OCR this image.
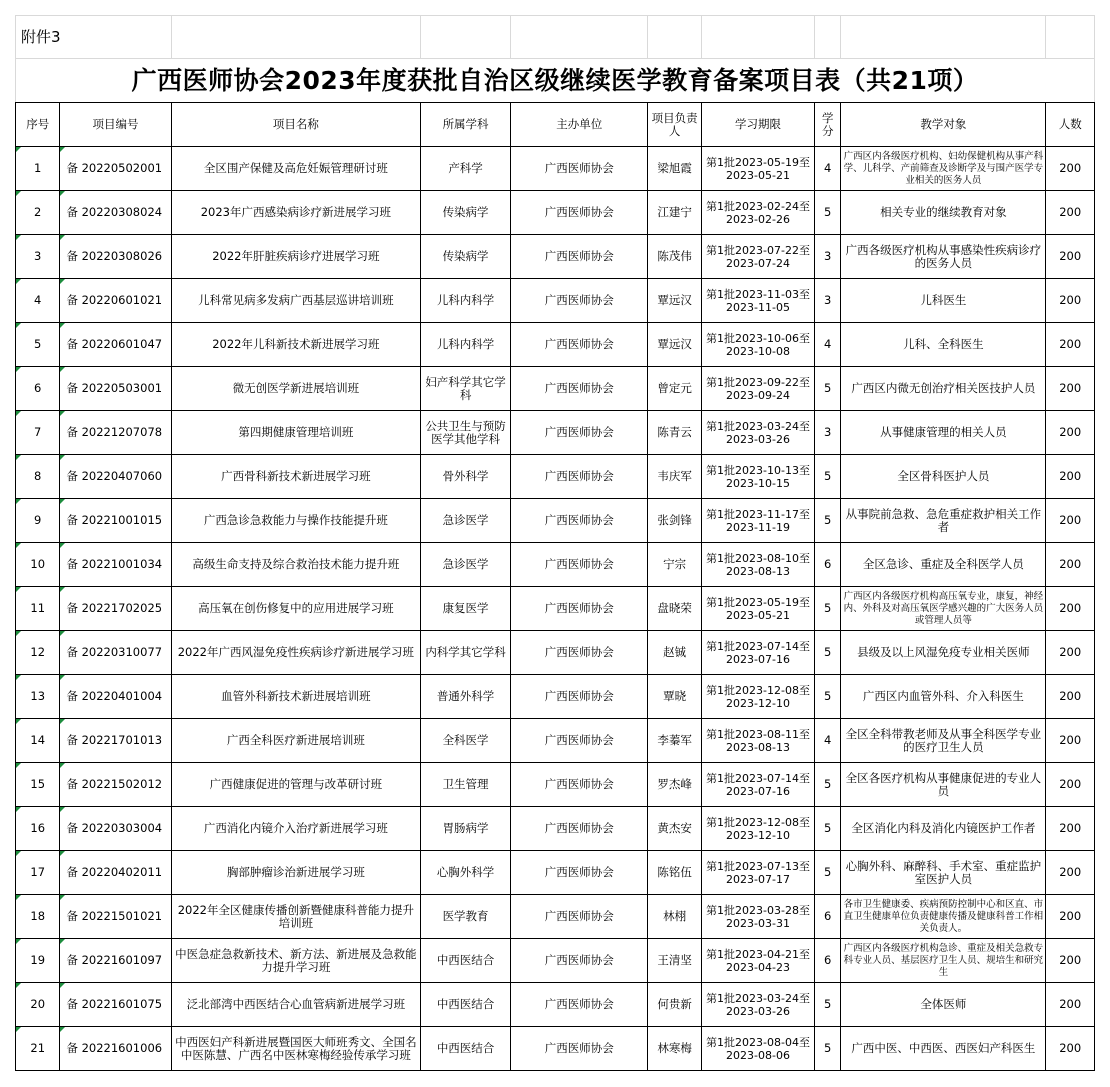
附件3									
广西医师协会2023年度获批自治区级继续医学教育备案项目表（共21项）									
序号	项目编号	项目名称	所属学科	主办单位	项目负责人	学习期限	学分	教学对象	人数
1	备 20220502001	全区围产保健及高危妊娠管理研讨班	产科学	广西医师协会	梁旭霞	第1批2023-05-19至2023-05-21	4	广西区内各级医疗机构、妇幼保健机构从事产科学、儿科学、产前筛查及诊断学及与围产医学专业相关的医务人员	200
2	备 20220308024	2023年广西感染病诊疗新进展学习班	传染病学	广西医师协会	江建宁	第1批2023-02-24至2023-02-26	5	相关专业的继续教育对象	200
3	备 20220308026	2022年肝脏疾病诊疗进展学习班	传染病学	广西医师协会	陈茂伟	第1批2023-07-22至2023-07-24	3	广西各级医疗机构从事感染性疾病诊疗的医务人员	200
4	备 20220601021	儿科常见病多发病广西基层巡讲培训班	儿科内科学	广西医师协会	覃远汉	第1批2023-11-03至2023-11-05	3	儿科医生	200
5	备 20220601047	2022年儿科新技术新进展学习班	儿科内科学	广西医师协会	覃远汉	第1批2023-10-06至2023-10-08	4	儿科、全科医生	200
6	备 20220503001	微无创医学新进展培训班	妇产科学其它学科	广西医师协会	曾定元	第1批2023-09-22至2023-09-24	5	广西区内微无创治疗相关医技护人员	200
7	备 20221207078	第四期健康管理培训班	公共卫生与预防医学其他学科	广西医师协会	陈青云	第1批2023-03-24至2023-03-26	3	从事健康管理的相关人员	200
8	备 20220407060	广西骨科新技术新进展学习班	骨外科学	广西医师协会	韦庆军	第1批2023-10-13至2023-10-15	5	全区骨科医护人员	200
9	备 20221001015	广西急诊急救能力与操作技能提升班	急诊医学	广西医师协会	张剑锋	第1批2023-11-17至2023-11-19	5	从事院前急救、急危重症救护相关工作者	200
10	备 20221001034	高级生命支持及综合救治技术能力提升班	急诊医学	广西医师协会	宁宗	第1批2023-08-10至2023-08-13	6	全区急诊、重症及全科医学人员	200
11	备 20221702025	高压氧在创伤修复中的应用进展学习班	康复医学	广西医师协会	盘晓荣	第1批2023-05-19至2023-05-21	5	广西区内各级医疗机构高压氧专业，康复，神经内、外科及对高压氧医学感兴趣的广大医务人员或管理人员等	200
12	备 20220310077	2022年广西风湿免疫性疾病诊疗新进展学习班	内科学其它学科	广西医师协会	赵铖	第1批2023-07-14至2023-07-16	5	县级及以上风湿免疫专业相关医师	200
13	备 20220401004	血管外科新技术新进展培训班	普通外科学	广西医师协会	覃晓	第1批2023-12-08至2023-12-10	5	广西区内血管外科、介入科医生	200
14	备 20221701013	广西全科医疗新进展培训班	全科医学	广西医师协会	李蓁军	第1批2023-08-11至2023-08-13	4	全区全科带教老师及从事全科医学专业的医疗卫生人员	200
15	备 20221502012	广西健康促进的管理与改革研讨班	卫生管理	广西医师协会	罗杰峰	第1批2023-07-14至2023-07-16	5	全区各医疗机构从事健康促进的专业人员	200
16	备 20220303004	广西消化内镜介入治疗新进展学习班	胃肠病学	广西医师协会	黄杰安	第1批2023-12-08至2023-12-10	5	全区消化内科及消化内镜医护工作者	200
17	备 20220402011	胸部肿瘤诊治新进展学习班	心胸外科学	广西医师协会	陈铭伍	第1批2023-07-13至2023-07-17	5	心胸外科、麻醉科、手术室、重症监护室医护人员	200
18	备 20221501021	2022年全区健康传播创新暨健康科普能力提升培训班	医学教育	广西医师协会	林栩	第1批2023-03-28至2023-03-31	6	各市卫生健康委、疾病预防控制中心和区直、市直卫生健康单位负责健康传播及健康科普工作相关负责人。	200
19	备 20221601097	中医急症急救新技术、新方法、新进展及急救能力提升学习班	中西医结合	广西医师协会	王清坚	第1批2023-04-21至2023-04-23	6	广西区内各级医疗机构急诊、重症及相关急救专科专业人员、基层医疗卫生人员、规培生和研究生	200
20	备 20221601075	泛北部湾中西医结合心血管病新进展学习班	中西医结合	广西医师协会	何贵新	第1批2023-03-24至2023-03-26	5	全体医师	200
21	备 20221601006	中西医妇产科新进展暨国医大师班秀文、全国名中医陈慧、广西名中医林寒梅经验传承学习班	中西医结合	广西医师协会	林寒梅	第1批2023-08-04至2023-08-06	5	广西中医、中西医、西医妇产科医生	200
